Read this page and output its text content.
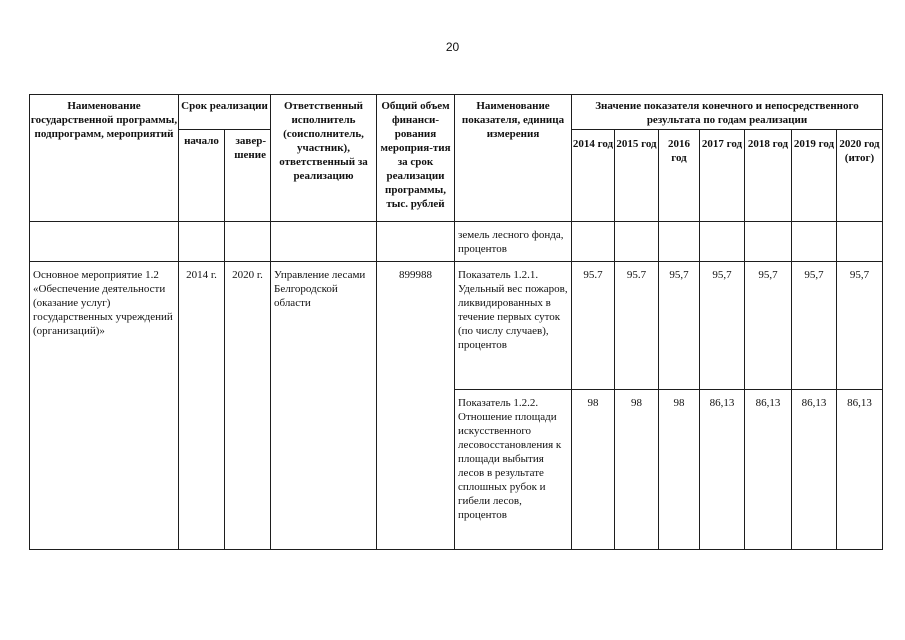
20
Наименование государственной программы, подпрограмм, мероприятий	Срок реализации		Ответственный исполнитель (соисполнитель, участник), ответственный за реализацию	Общий объем финанси-рования мероприя-тия за срок реализации программы, тыс. рублей	Наименование показателя, единица измерения	Значение показателя конечного и непосредственного результата по годам реализации						
	начало	завер-шение				2014 год	2015 год	2016 год	2017 год	2018 год	2019 год	2020 год (итог)
					земель лесного фонда, процентов							
Основное мероприятие 1.2 «Обеспечение деятельности (оказание услуг) государственных учреждений (организаций)»	2014 г.	2020 г.	Управление лесами Белгородской области	899988	Показатель 1.2.1. Удельный вес пожаров, ликвидированных в течение первых суток (по числу случаев), процентов	95.7	95.7	95,7	95,7	95,7	95,7	95,7
					Показатель 1.2.2. Отношение площади искусственного лесовосстановления к площади выбытия лесов в результате сплошных рубок и гибели лесов, процентов	98	98	98	86,13	86,13	86,13	86,13
